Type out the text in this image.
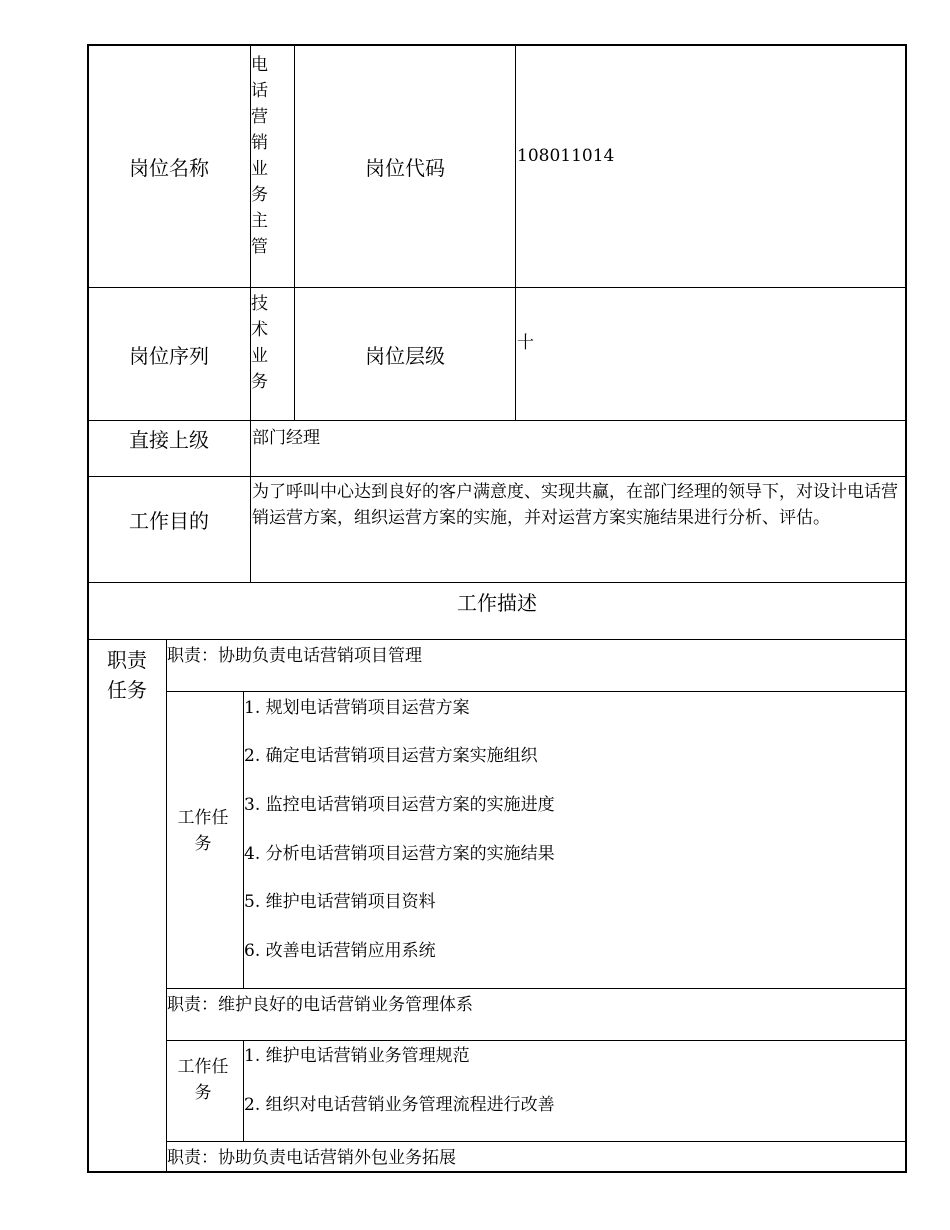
岗位名称
电话营销业务主管
岗位代码	108011014
岗位序列
技术业务
岗位层级
十
直接上级	部门经理
工作目的
为了呼叫中心达到良好的客户满意度、实现共赢，在部门经理的领导下，对设计电话营销运营方案，组织运营方案的实施，并对运营方案实施结果进行分析、评估。
工作描述
职责任务
职责：协助负责电话营销项目管理
工作任务
1. 规划电话营销项目运营方案
2. 确定电话营销项目运营方案实施组织
3. 监控电话营销项目运营方案的实施进度
4. 分析电话营销项目运营方案的实施结果
5. 维护电话营销项目资料
6. 改善电话营销应用系统
职责：维护良好的电话营销业务管理体系
工作任务
1. 维护电话营销业务管理规范
2. 组织对电话营销业务管理流程进行改善
职责：协助负责电话营销外包业务拓展
